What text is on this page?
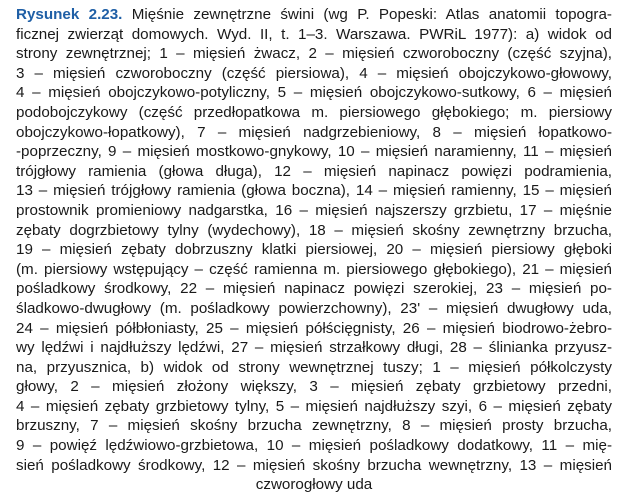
Rysunek 2.23. Mięśnie zewnętrzne świni (wg P. Popeski: Atlas anatomii topogra-
ficznej zwierząt domowych. Wyd. II, t. 1–3. Warszawa. PWRiL 1977): a) widok od
strony zewnętrznej; 1 – mięsień żwacz, 2 – mięsień czworoboczny (część szyjna),
3 – mięsień czworoboczny (część piersiowa), 4 – mięsień obojczykowo-głowowy,
4 – mięsień obojczykowo-potyliczny, 5 – mięsień obojczykowo-sutkowy, 6 – mięsień
podobojczykowy (część przedłopatkowa m. piersiowego głębokiego; m. piersiowy
obojczykowo-łopatkowy), 7 – mięsień nadgrzebieniowy, 8 – mięsień łopatkowo-
-poprzeczny, 9 – mięsień mostkowo-gnykowy, 10 – mięsień naramienny, 11 – mięsień
trójgłowy ramienia (głowa długa), 12 – mięsień napinacz powięzi podramienia,
13 – mięsień trójgłowy ramienia (głowa boczna), 14 – mięsień ramienny, 15 – mięsień
prostownik promieniowy nadgarstka, 16 – mięsień najszerszy grzbietu, 17 – mięśnie
zębaty dogrzbietowy tylny (wydechowy), 18 – mięsień skośny zewnętrzny brzucha,
19 – mięsień zębaty dobrzuszny klatki piersiowej, 20 – mięsień piersiowy głęboki
(m. piersiowy wstępujący – część ramienna m. piersiowego głębokiego), 21 – mięsień
pośladkowy środkowy, 22 – mięsień napinacz powięzi szerokiej, 23 – mięsień po-
śladkowo-dwugłowy (m. pośladkowy powierzchowny), 23' – mięsień dwugłowy uda,
24 – mięsień półbłoniasty, 25 – mięsień półścięgnisty, 26 – mięsień biodrowo-żebro-
wy lędźwi i najdłuższy lędźwi, 27 – mięsień strzałkowy długi, 28 – ślinianka przyusz-
na, przyusznica, b) widok od strony wewnętrznej tuszy; 1 – mięsień półkolczysty
głowy, 2 – mięsień złożony większy, 3 – mięsień zębaty grzbietowy przedni,
4 – mięsień zębaty grzbietowy tylny, 5 – mięsień najdłuższy szyi, 6 – mięsień zębaty
brzuszny, 7 – mięsień skośny brzucha zewnętrzny, 8 – mięsień prosty brzucha,
9 – powięź lędźwiowo-grzbietowa, 10 – mięsień pośladkowy dodatkowy, 11 – mię-
sień pośladkowy środkowy, 12 – mięsień skośny brzucha wewnętrzny, 13 – mięsień
czworogłowy uda
